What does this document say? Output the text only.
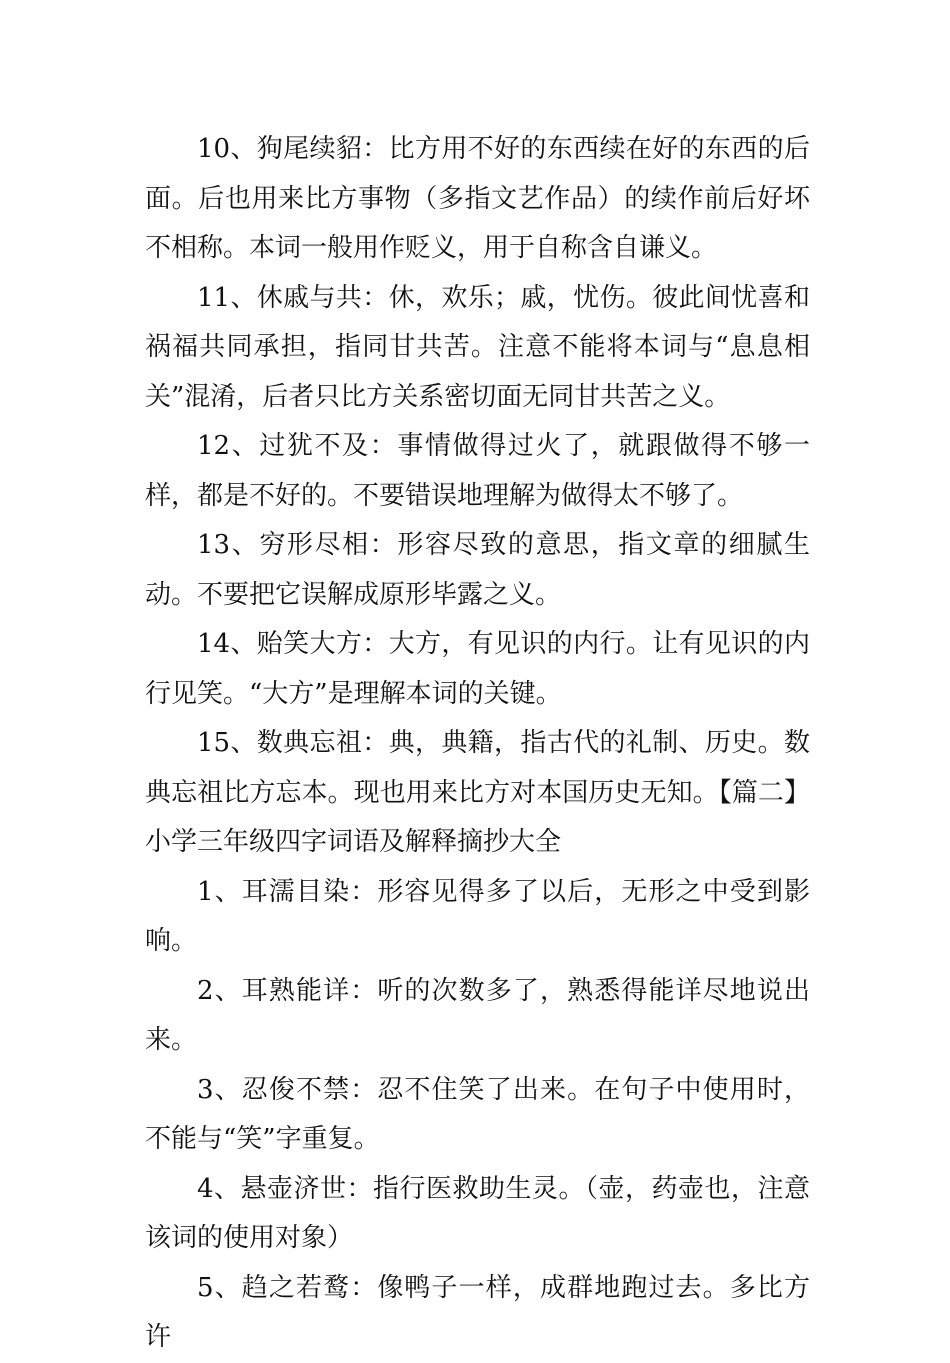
10、狗尾续貂：比方用不好的东西续在好的东西的后面。后也用来比方事物（多指文艺作品）的续作前后好坏不相称。本词一般用作贬义，用于自称含自谦义。

11、休戚与共：休，欢乐；戚，忧伤。彼此间忧喜和祸福共同承担，指同甘共苦。注意不能将本词与“息息相关”混淆，后者只比方关系密切面无同甘共苦之义。

12、过犹不及：事情做得过火了，就跟做得不够一样，都是不好的。不要错误地理解为做得太不够了。

13、穷形尽相：形容尽致的意思，指文章的细腻生动。不要把它误解成原形毕露之义。

14、贻笑大方：大方，有见识的内行。让有见识的内行见笑。“大方”是理解本词的关键。

15、数典忘祖：典，典籍，指古代的礼制、历史。数典忘祖比方忘本。现也用来比方对本国历史无知。【篇二】小学三年级四字词语及解释摘抄大全

1、耳濡目染：形容见得多了以后，无形之中受到影响。

2、耳熟能详：听的次数多了，熟悉得能详尽地说出来。

3、忍俊不禁：忍不住笑了出来。在句子中使用时，不能与“笑”字重复。

4、悬壶济世：指行医救助生灵。（壶，药壶也，注意该词的使用对象）

5、趋之若鹜：像鸭子一样，成群地跑过去。多比方许
